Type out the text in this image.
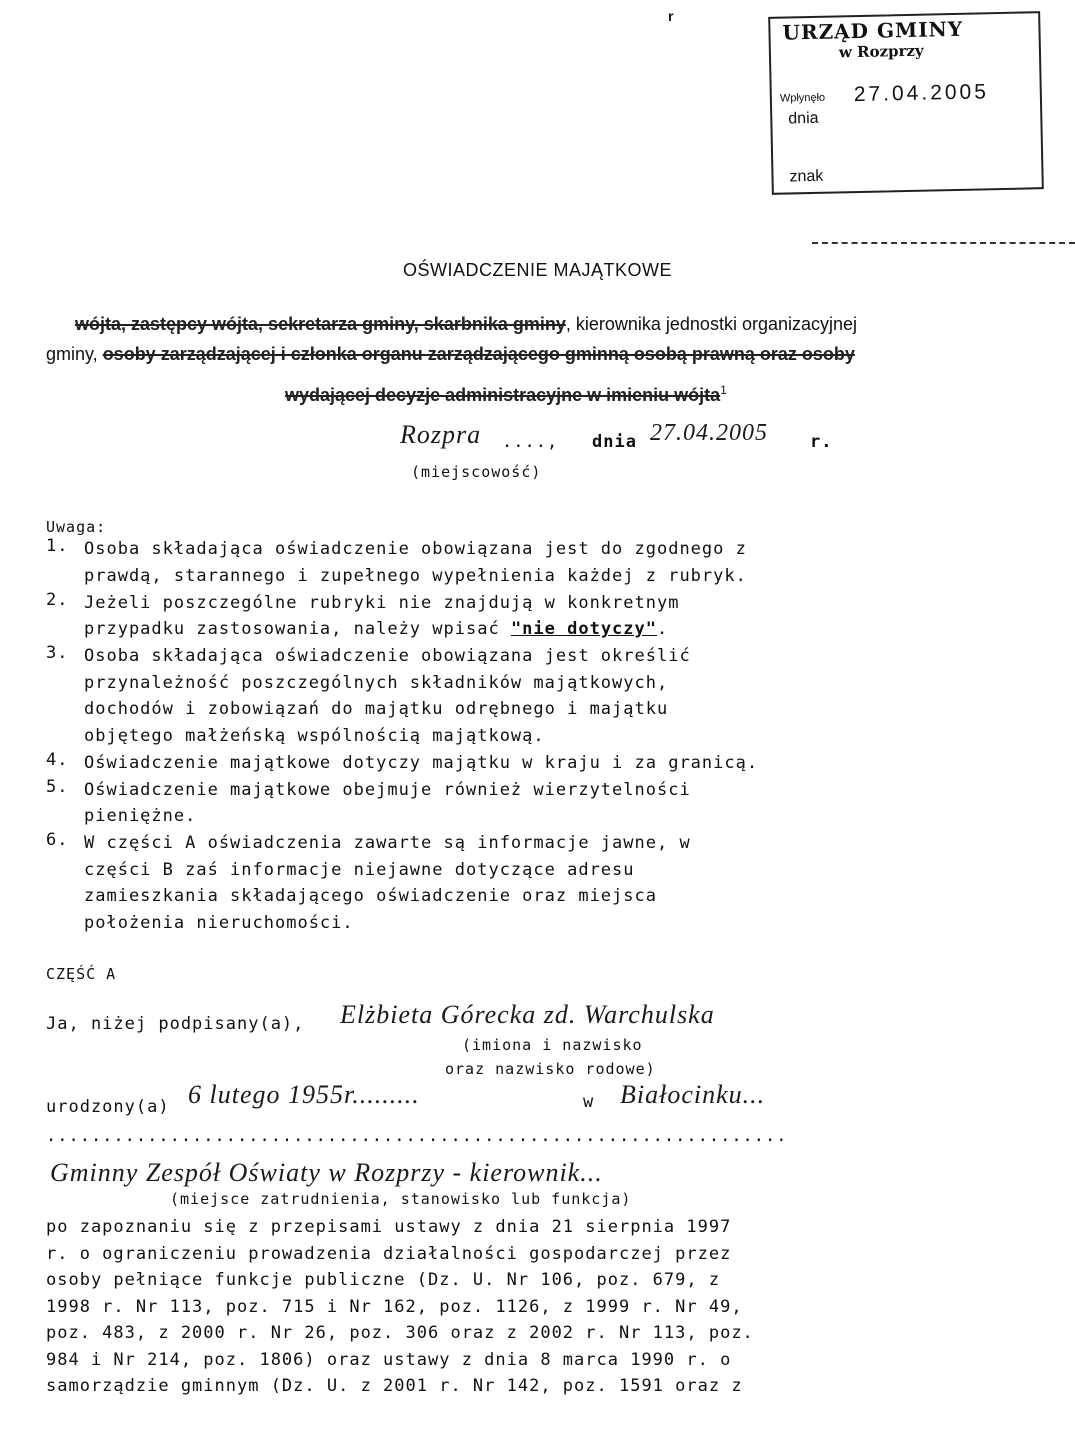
URZĄD GMINY
w Rozprzy
Wpłynęło 27.04.2005
dnia
znak
r
OŚWIADCZENIE MAJĄTKOWE
wójta, zastępcy wójta, sekretarza gminy, skarbnika gminy, kierownika jednostki organizacyjnej
gminy, osoby zarządzającej i członka organu zarządzającego gminną osobą prawną oraz osoby
wydającej decyzje administracyjne w imieniu wójta$^1$
Rozpra ...., dnia 27.04.2005 r.
(miejscowość)
Uwaga:
1. Osoba składająca oświadczenie obowiązana jest do zgodnego z
prawdą, starannego i zupełnego wypełnienia każdej z rubryk.
2. Jeżeli poszczególne rubryki nie znajdują w konkretnym
przypadku zastosowania, należy wpisać "nie dotyczy".
3. Osoba składająca oświadczenie obowiązana jest określić
przynależność poszczególnych składników majątkowych,
dochodów i zobowiązań do majątku odrębnego i majątku
objętego małżeńską wspólnością majątkową.
4. Oświadczenie majątkowe dotyczy majątku w kraju i za granicą.
5. Oświadczenie majątkowe obejmuje również wierzytelności
pieniężne.
6. W części A oświadczenia zawarte są informacje jawne, w
części B zaś informacje niejawne dotyczące adresu
zamieszkania składającego oświadczenie oraz miejsca
położenia nieruchomości.
CZĘŚĆ A
Ja, niżej podpisany(a), Elżbieta Górecka zd. Warchulska
(imiona i nazwisko
oraz nazwisko rodowe)
urodzony(a) 6 lutego 1955r.........	w Białocinku...
..................................................................
Gminny Zespół Oświaty w Rozprzy - kierownik...
(miejsce zatrudnienia, stanowisko lub funkcja)
po zapoznaniu się z przepisami ustawy z dnia 21 sierpnia 1997
r. o ograniczeniu prowadzenia działalności gospodarczej przez
osoby pełniące funkcje publiczne (Dz. U. Nr 106, poz. 679, z
1998 r. Nr 113, poz. 715 i Nr 162, poz. 1126, z 1999 r. Nr 49,
poz. 483, z 2000 r. Nr 26, poz. 306 oraz z 2002 r. Nr 113, poz.
984 i Nr 214, poz. 1806) oraz ustawy z dnia 8 marca 1990 r. o
samorządzie gminnym (Dz. U. z 2001 r. Nr 142, poz. 1591 oraz z
